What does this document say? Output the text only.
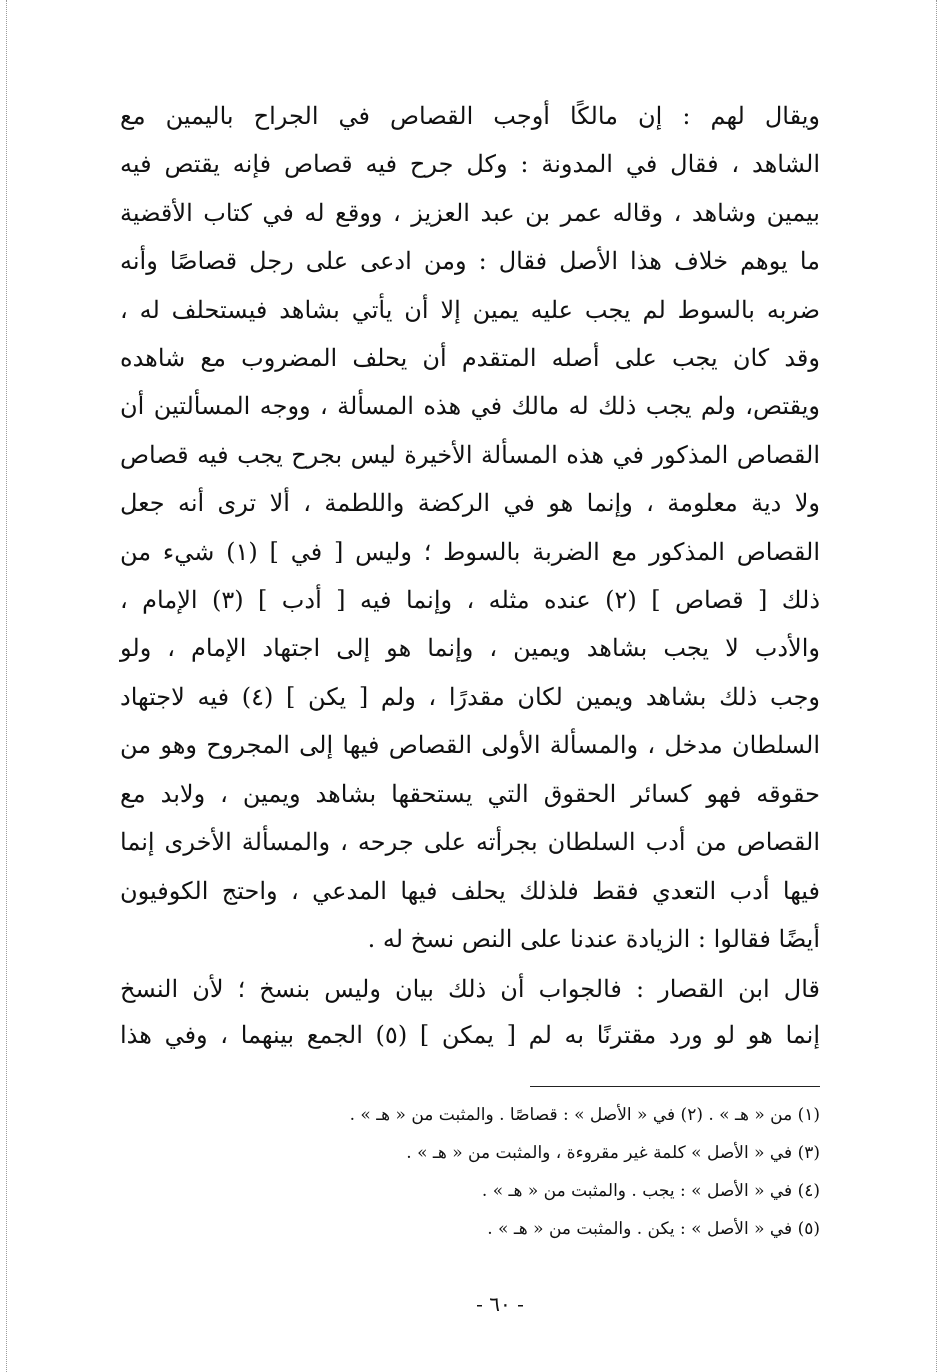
ويقال لهم : إن مالكًا أوجب القصاص في الجراح باليمين مع
الشاهد ، فقال في المدونة : وكل جرح فيه قصاص فإنه يقتص فيه
بيمين وشاهد ، وقاله عمر بن عبد العزيز ، ووقع له في كتاب الأقضية
ما يوهم خلاف هذا الأصل فقال : ومن ادعى على رجل قصاصًا وأنه
ضربه بالسوط لم يجب عليه يمين إلا أن يأتي بشاهد فيستحلف له ،
وقد كان يجب على أصله المتقدم أن يحلف المضروب مع شاهده
ويقتص، ولم يجب ذلك له مالك في هذه المسألة ، ووجه المسألتين أن
القصاص المذكور في هذه المسألة الأخيرة ليس بجرح يجب فيه قصاص
ولا دية معلومة ، وإنما هو في الركضة واللطمة ، ألا ترى أنه جعل
القصاص المذكور مع الضربة بالسوط ؛ وليس [ في ] (١) شيء من
ذلك [ قصاص ] (٢) عنده مثله ، وإنما فيه [ أدب ] (٣) الإمام ،
والأدب لا يجب بشاهد ويمين ، وإنما هو إلى اجتهاد الإمام ، ولو
وجب ذلك بشاهد ويمين لكان مقدرًا ، ولم [ يكن ] (٤) فيه لاجتهاد
السلطان مدخل ، والمسألة الأولى القصاص فيها إلى المجروح وهو من
حقوقه فهو كسائر الحقوق التي يستحقها بشاهد ويمين ، ولابد مع
القصاص من أدب السلطان بجرأته على جرحه ، والمسألة الأخرى إنما
فيها أدب التعدي فقط فلذلك يحلف فيها المدعي ، واحتج الكوفيون
أيضًا فقالوا : الزيادة عندنا على النص نسخ له .
قال ابن القصار : فالجواب أن ذلك بيان وليس بنسخ ؛ لأن النسخ
إنما هو لو ورد مقترنًا به لم [ يمكن ] (٥) الجمع بينهما ، وفي هذا
(١) من « هـ » . (٢) في « الأصل » : قصاصًا . والمثبت من « هـ » .
(٣) في « الأصل » كلمة غير مقروءة ، والمثبت من « هـ » .
(٤) في « الأصل » : يجب . والمثبت من « هـ » .
(٥) في « الأصل » : يكن . والمثبت من « هـ » .
- ٦٠ -
